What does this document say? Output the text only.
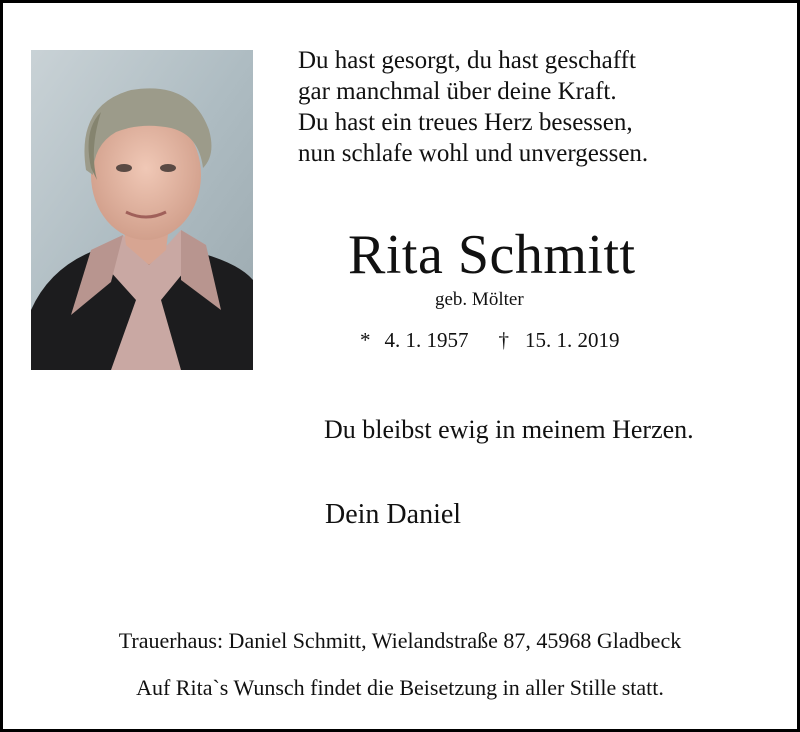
Du hast gesorgt, du hast geschafft
gar manchmal über deine Kraft.
Du hast ein treues Herz besessen,
nun schlafe wohl und unvergessen.
Rita Schmitt
geb. Mölter
* 4. 1. 1957 † 15. 1. 2019
Du bleibst ewig in meinem Herzen.
Dein Daniel
Trauerhaus: Daniel Schmitt, Wielandstraße 87, 45968 Gladbeck
Auf Rita`s Wunsch findet die Beisetzung in aller Stille statt.
